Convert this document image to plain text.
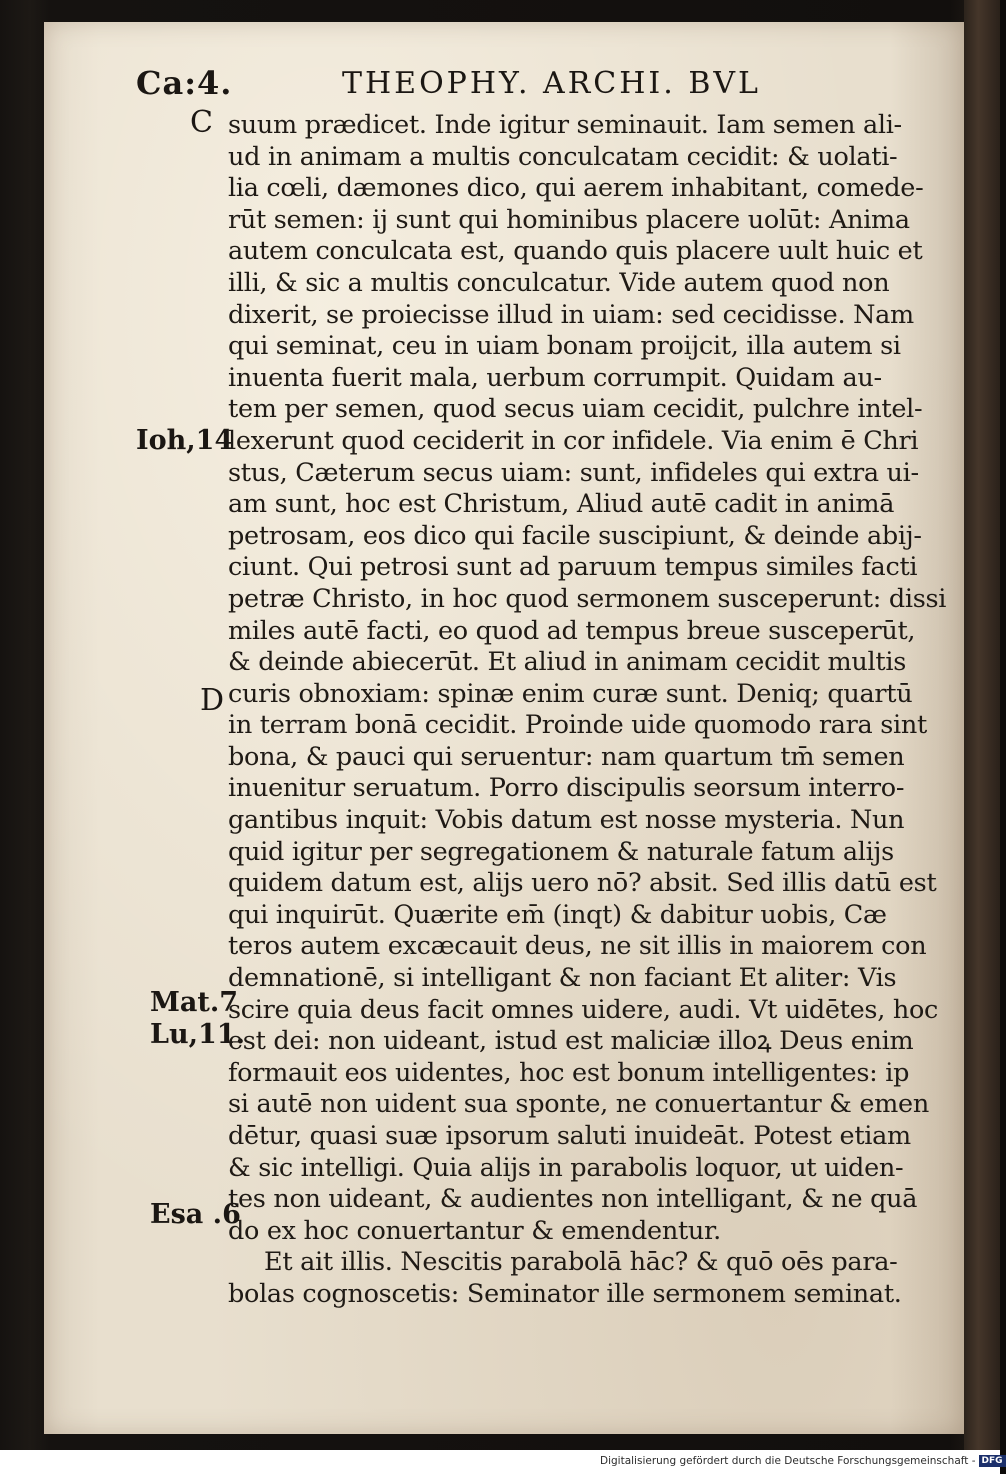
Ca:4.	THEOPHY. ARCHI. BVL
C
D
Ioh,14
Mat.7
Lu,11.
Esa .6
suum prædicet. Inde igitur seminauit. Iam semen ali-
ud in animam a multis conculcatam cecidit: & uolati-
lia cœli, dæmones dico, qui aerem inhabitant, comede-
rūt semen: ij sunt qui hominibus placere uolūt: Anima
autem conculcata est, quando quis placere uult huic et
illi, & sic a multis conculcatur. Vide autem quod non
dixerit, se proiecisse illud in uiam: sed cecidisse. Nam
qui seminat, ceu in uiam bonam proijcit, illa autem si
inuenta fuerit mala, uerbum corrumpit. Quidam au-
tem per semen, quod secus uiam cecidit, pulchre intel-
lexerunt quod ceciderit in cor infidele. Via enim ē Chri
stus, Cæterum secus uiam: sunt, infideles qui extra ui-
am sunt, hoc est Christum, Aliud autē cadit in animā
petrosam, eos dico qui facile suscipiunt, & deinde abij-
ciunt. Qui petrosi sunt ad paruum tempus similes facti
petræ Christo, in hoc quod sermonem susceperunt: dissi
miles autē facti, eo quod ad tempus breue susceperūt,
& deinde abiecerūt. Et aliud in animam cecidit multis
curis obnoxiam: spinæ enim curæ sunt. Deniq; quartū
in terram bonā cecidit. Proinde uide quomodo rara sint
bona, & pauci qui seruentur: nam quartum tm̄ semen
inuenitur seruatum. Porro discipulis seorsum interro-
gantibus inquit: Vobis datum est nosse mysteria. Nun
quid igitur per segregationem & naturale fatum alijs
quidem datum est, alijs uero nō? absit. Sed illis datū est
qui inquirūt. Quærite em̄ (inqt) & dabitur uobis, Cæ
teros autem excæcauit deus, ne sit illis in maiorem con
demnationē, si intelligant & non faciant Et aliter: Vis
scire quia deus facit omnes uidere, audi. Vt uidētes, hoc
est dei: non uideant, istud est maliciæ illoꝝ Deus enim
formauit eos uidentes, hoc est bonum intelligentes: ip
si autē non uident sua sponte, ne conuertantur & emen
dētur, quasi suæ ipsorum saluti inuideāt. Potest etiam
& sic intelligi. Quia alijs in parabolis loquor, ut uiden-
tes non uideant, & audientes non intelligant, & ne quā
do ex hoc conuertantur & emendentur.
Et ait illis. Nescitis parabolā hāc? & quō oēs para-
bolas cognoscetis: Seminator ille sermonem seminat.
Digitalisierung gefördert durch die Deutsche Forschungsgemeinschaft - DFG
